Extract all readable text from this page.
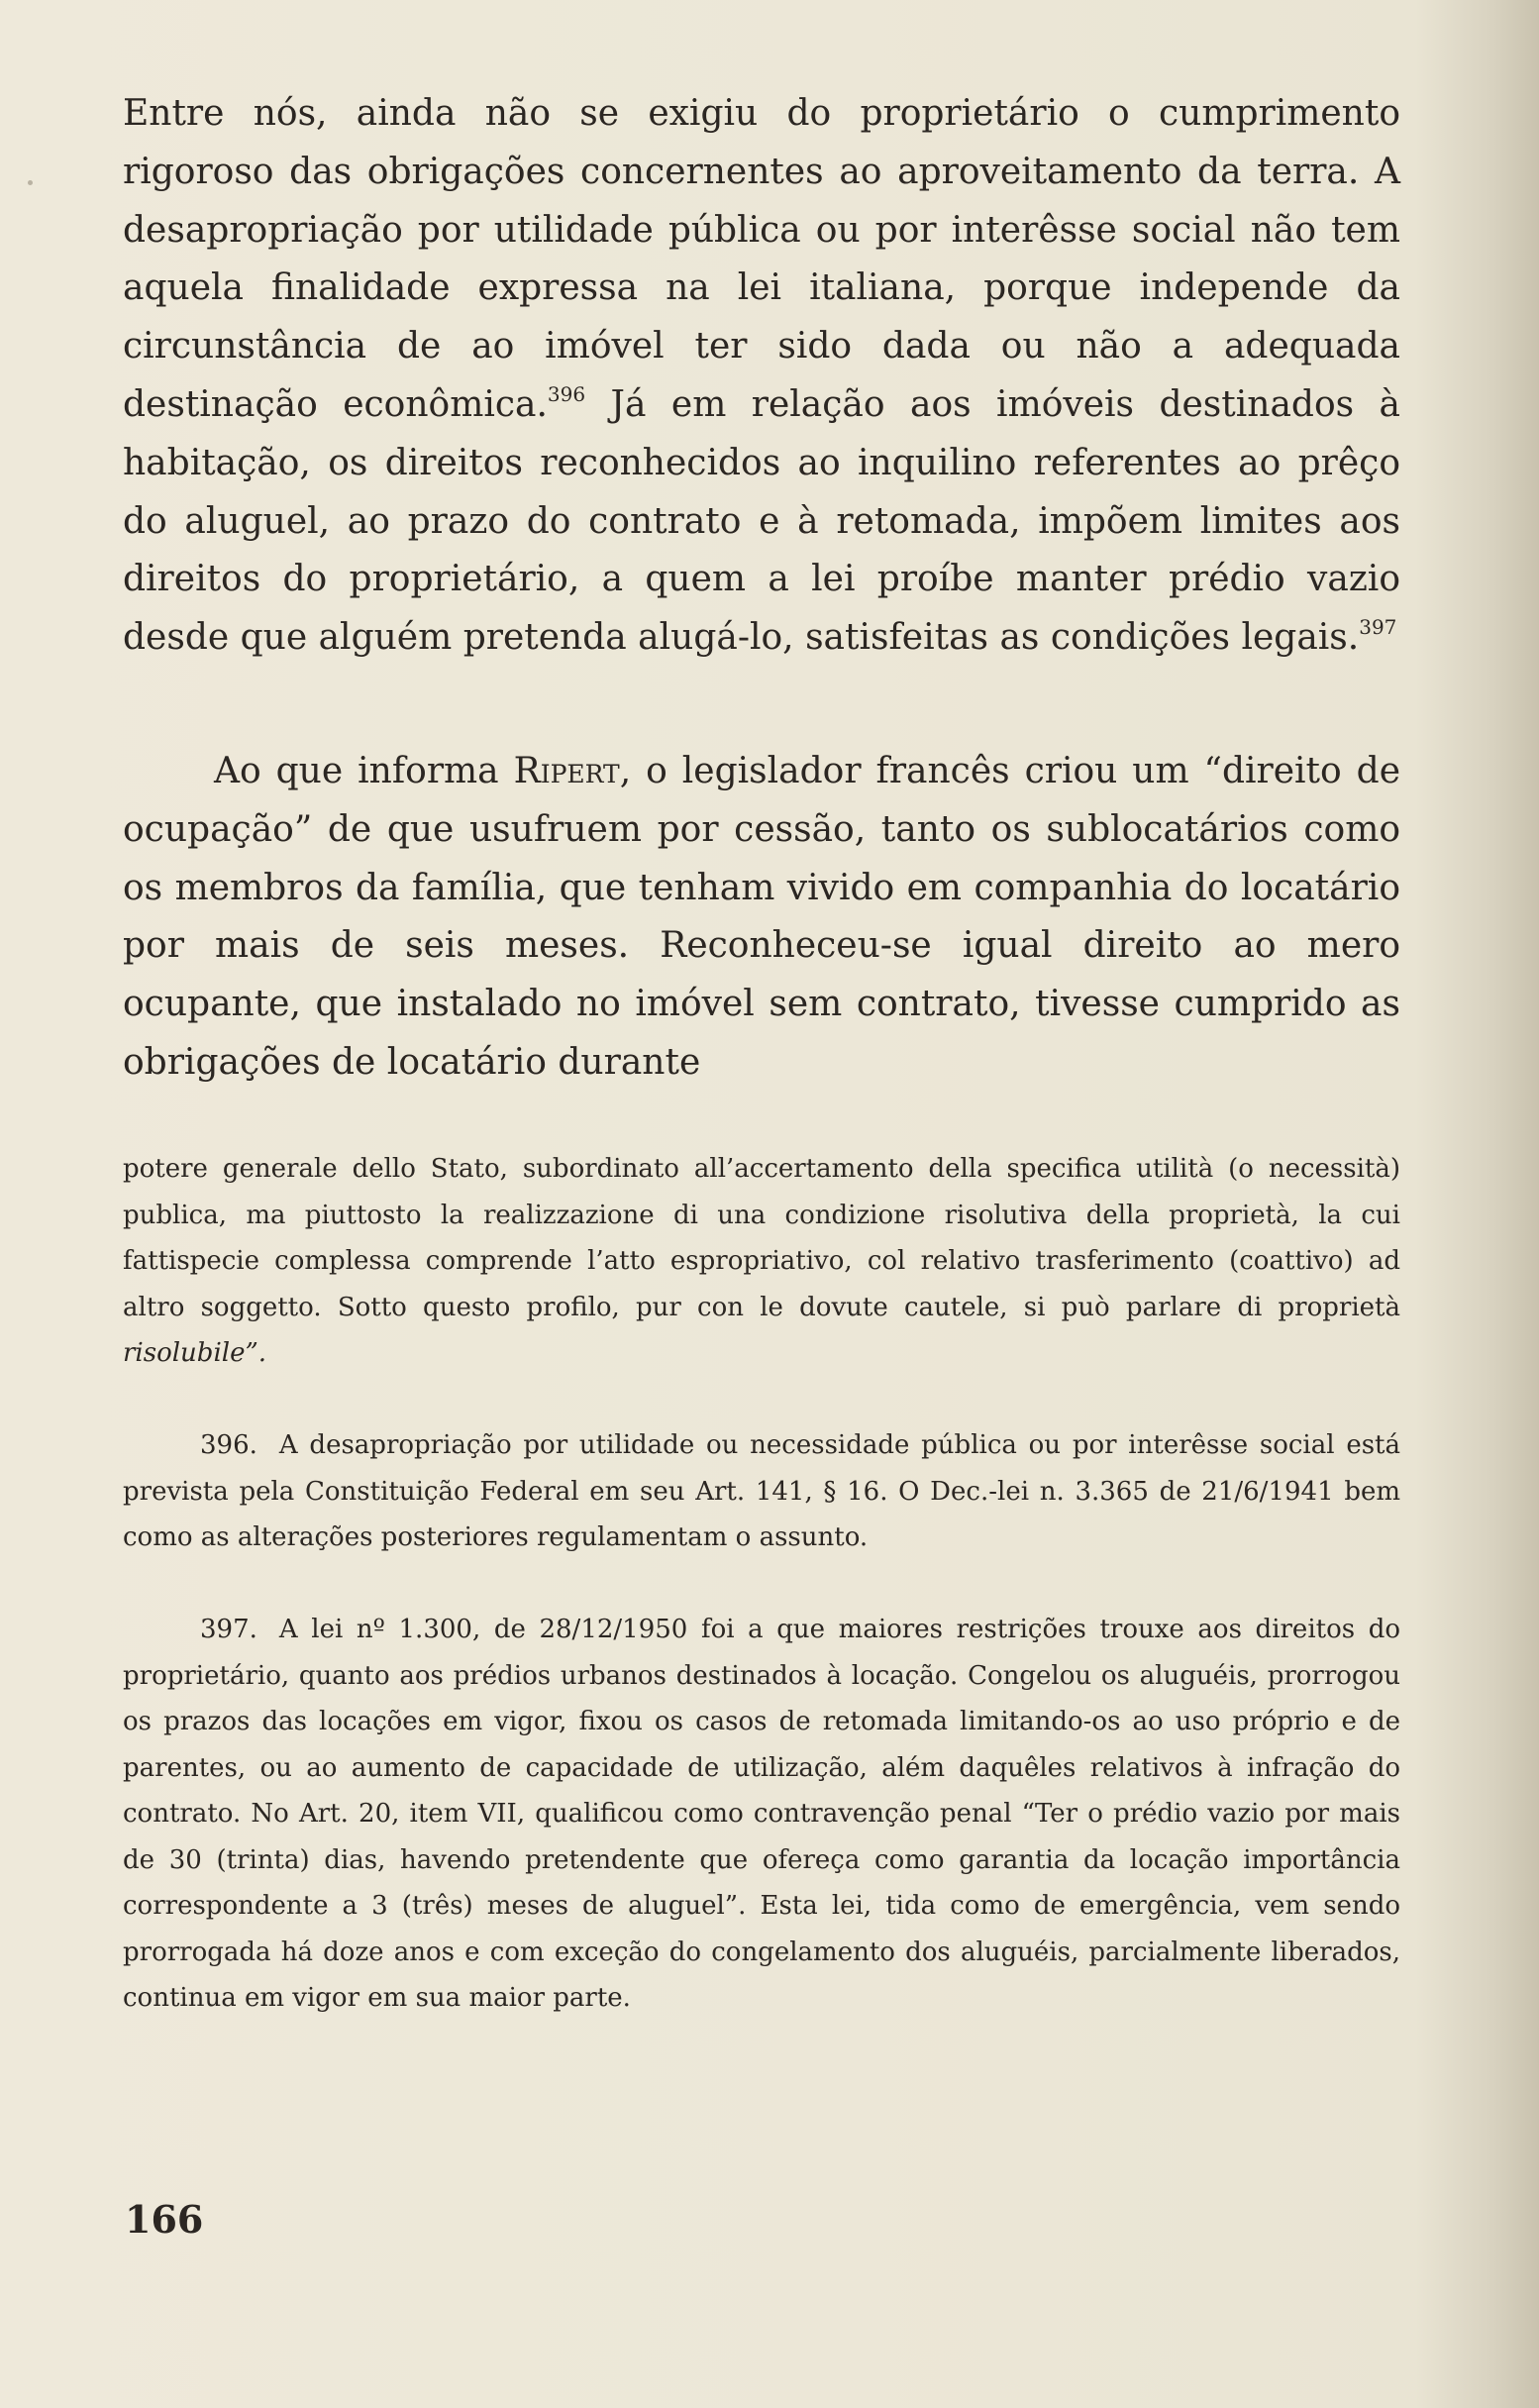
Entre nós, ainda não se exigiu do proprietário o cumprimento rigoroso das obrigações concernentes ao aproveitamento da terra. A desapropriação por utilidade pública ou por interêsse social não tem aquela finalidade expressa na lei italiana, porque independe da circunstância de ao imóvel ter sido dada ou não a adequada destinação econômica.$^{396}$ Já em relação aos imóveis destinados à habitação, os direitos reconhecidos ao inquilino referentes ao prêço do aluguel, ao prazo do contrato e à retomada, impõem limites aos direitos do proprietário, a quem a lei proíbe manter prédio vazio desde que alguém pretenda alugá-lo, satisfeitas as condições legais.$^{397}$

Ao que informa Ripert, o legislador francês criou um “direito de ocupação” de que usufruem por cessão, tanto os sublocatários como os membros da família, que tenham vivido em companhia do locatário por mais de seis meses. Reconheceu-se igual direito ao mero ocupante, que instalado no imóvel sem contrato, tivesse cumprido as obrigações de locatário durante

potere generale dello Stato, subordinato all’accertamento della specifica utilità (o necessità) publica, ma piuttosto la realizzazione di una condizione risolutiva della proprietà, la cui fattispecie complessa comprende l’atto espropriativo, col relativo trasferimento (coattivo) ad altro soggetto. Sotto questo profilo, pur con le dovute cautele, si può parlare di proprietà risolubile”.

396. A desapropriação por utilidade ou necessidade pública ou por interêsse social está prevista pela Constituição Federal em seu Art. 141, § 16. O Dec.-lei n. 3.365 de 21/6/1941 bem como as alterações posteriores regulamentam o assunto.

397. A lei nº 1.300, de 28/12/1950 foi a que maiores restrições trouxe aos direitos do proprietário, quanto aos prédios urbanos destinados à locação. Congelou os aluguéis, prorrogou os prazos das locações em vigor, fixou os casos de retomada limitando-os ao uso próprio e de parentes, ou ao aumento de capacidade de utilização, além daquêles relativos à infração do contrato. No Art. 20, item VII, qualificou como contravenção penal “Ter o prédio vazio por mais de 30 (trinta) dias, havendo pretendente que ofereça como garantia da locação importância correspondente a 3 (três) meses de aluguel”. Esta lei, tida como de emergência, vem sendo prorrogada há doze anos e com exceção do congelamento dos aluguéis, parcialmente liberados, continua em vigor em sua maior parte.

166
